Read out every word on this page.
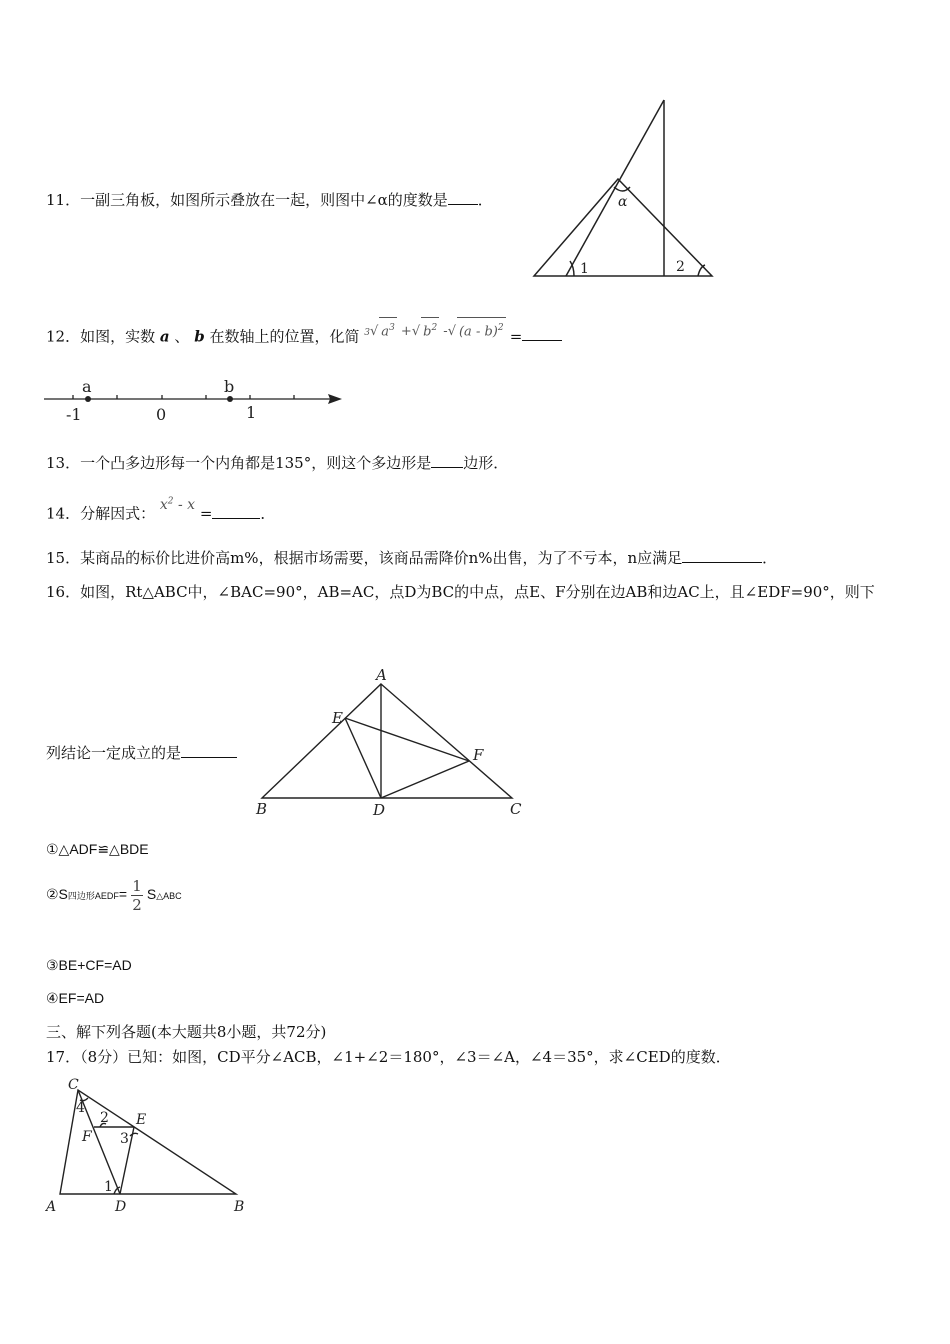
11．一副三角板，如图所示叠放在一起，则图中∠α的度数是 ．	α
1	2
12．如图，实数 a 、 b 在数轴上的位置，化简 3√ $a^3$ +√ $b^2$ -√ (a - b)$^2$ =
a	b
-1	0	1
13．一个凸多边形每一个内角都是135°，则这个多边形是 边形．
14．分解因式： $x^2$ - x =	．
15．某商品的标价比进价高m%，根据市场需要，该商品需降价n%出售，为了不亏本，n应满足	．
16．如图，Rt△ABC中，∠BAC=90°，AB=AC，点D为BC的中点，点E、F分别在边AB和边AC上，且∠EDF=90°，则下
列结论一定成立的是
A
B	C
D
E
F
①△ADF≌△BDE
②S四边形AEDF= $\frac{1}{2}$ S△ABC
③BE+CF=AD
④EF=AD
三、解下列各题(本大题共8小题，共72分)
17．（8分）已知：如图，CD平分∠ACB，∠1+∠2＝180°，∠3＝∠A，∠4＝35°，求∠CED的度数．
C
A	D	B
E
F
1
2
3
4
